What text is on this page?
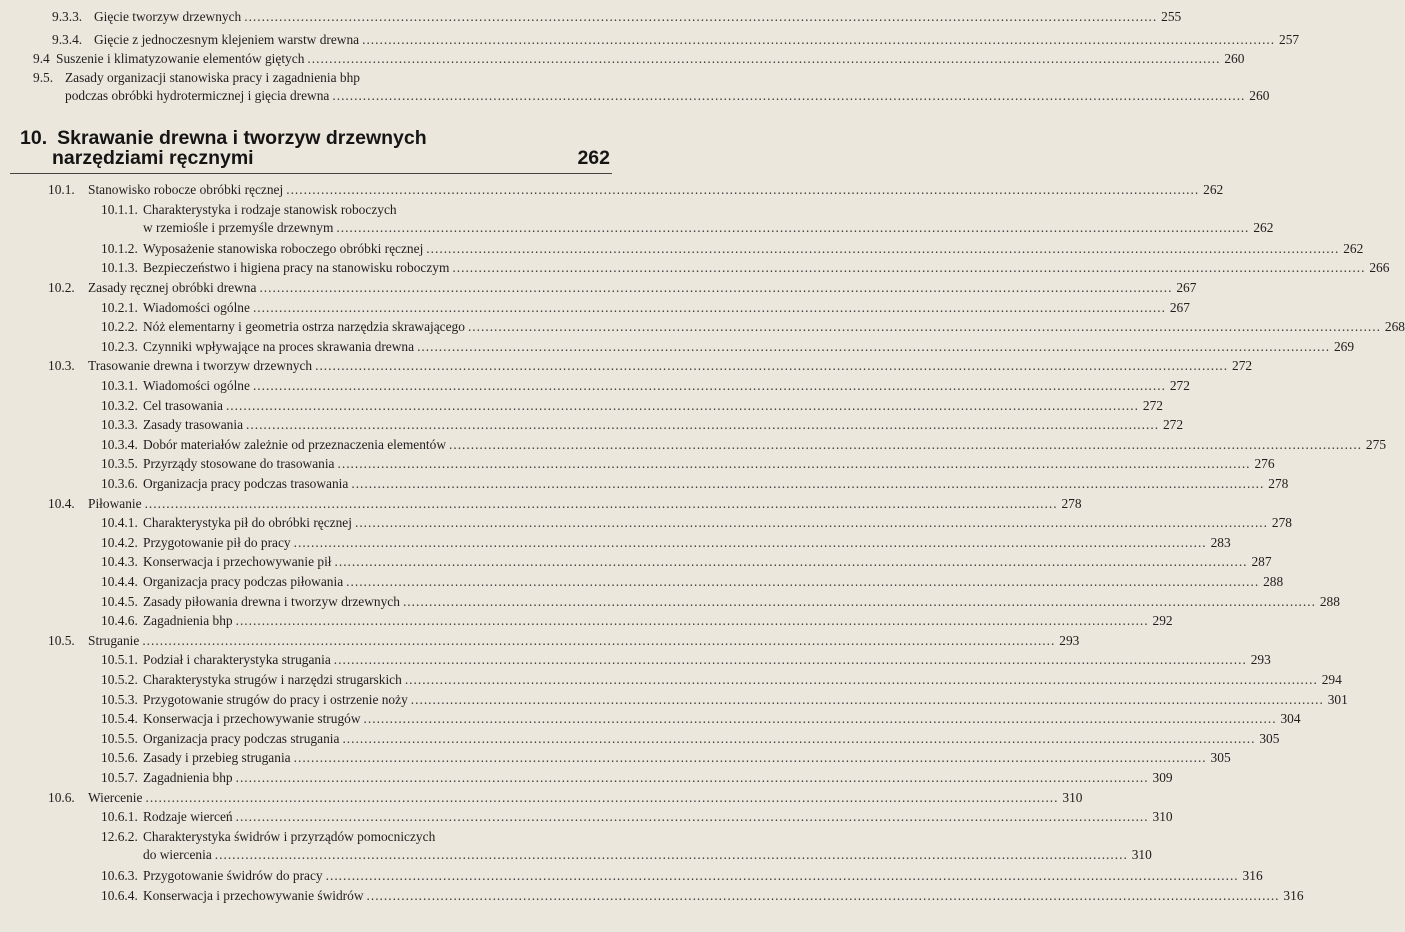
9.3.3. Gięcie tworzyw drzewnych .....	255
9.3.4. Gięcie z jednoczesnym klejeniem warstw drewna .....	257
9.4 Suszenie i klimatyzowanie elementów giętych .....	260
9.5. Zasady organizacji stanowiska pracy i zagadnienia bhp
podczas obróbki hydrotermicznej i gięcia drewna .....	260
10. Skrawanie drewna i tworzyw drzewnych
narzędziami ręcznymi	262
10.1. Stanowisko robocze obróbki ręcznej .....	262
10.1.1. Charakterystyka i rodzaje stanowisk roboczych
w rzemiośle i przemyśle drzewnym .....	262
10.1.2. Wyposażenie stanowiska roboczego obróbki ręcznej .....	262
10.1.3. Bezpieczeństwo i higiena pracy na stanowisku roboczym .....	266
10.2. Zasady ręcznej obróbki drewna .....	267
10.2.1. Wiadomości ogólne .....	267
10.2.2. Nóż elementarny i geometria ostrza narzędzia skrawającego .....	268
10.2.3. Czynniki wpływające na proces skrawania drewna .....	269
10.3. Trasowanie drewna i tworzyw drzewnych .....	272
10.3.1. Wiadomości ogólne .....	272
10.3.2. Cel trasowania .....	272
10.3.3. Zasady trasowania .....	272
10.3.4. Dobór materiałów zależnie od przeznaczenia elementów .....	275
10.3.5. Przyrządy stosowane do trasowania .....	276
10.3.6. Organizacja pracy podczas trasowania .....	278
10.4. Piłowanie .....	278
10.4.1. Charakterystyka pił do obróbki ręcznej .....	278
10.4.2. Przygotowanie pił do pracy .....	283
10.4.3. Konserwacja i przechowywanie pił .....	287
10.4.4. Organizacja pracy podczas piłowania .....	288
10.4.5. Zasady piłowania drewna i tworzyw drzewnych .....	288
10.4.6. Zagadnienia bhp .....	292
10.5. Struganie .....	293
10.5.1. Podział i charakterystyka strugania .....	293
10.5.2. Charakterystyka strugów i narzędzi strugarskich .....	294
10.5.3. Przygotowanie strugów do pracy i ostrzenie noży .....	301
10.5.4. Konserwacja i przechowywanie strugów .....	304
10.5.5. Organizacja pracy podczas strugania .....	305
10.5.6. Zasady i przebieg strugania .....	305
10.5.7. Zagadnienia bhp .....	309
10.6. Wiercenie .....	310
10.6.1. Rodzaje wierceń .....	310
12.6.2. Charakterystyka świdrów i przyrządów pomocniczych
do wiercenia .....	310
10.6.3. Przygotowanie świdrów do pracy .....	316
10.6.4. Konserwacja i przechowywanie świdrów .....	316
